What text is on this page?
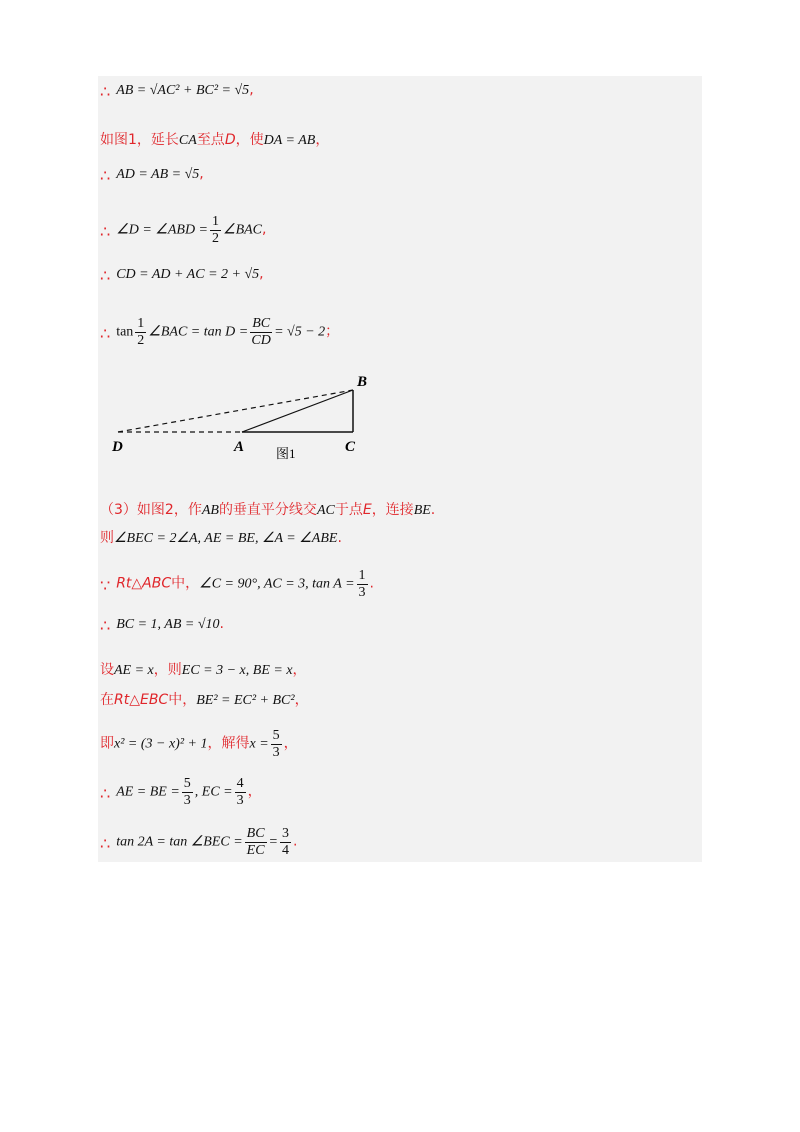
∴ AB = √AC² + BC² = √5,
如图1，延长CA至点D，使DA = AB，
∴ AD = AB = √5,
∴ ∠D = ∠ABD = $\frac{1}{2}$ ∠BAC,
∴ CD = AD + AC = 2 + √5,
∴ $\tan \frac{1}{2}$ ∠BAC = $\tan D = \frac{BC}{CD} = √5 - 2$；
B
D	A	C
图1
（3）如图2，作AB的垂直平分线交AC于点E，连接BE.
则∠BEC = 2∠A, AE = BE, ∠A = ∠ABE.
∵ Rt△ABC中，∠C = 90°, AC = 3, $\tan A = \frac{1}{3}$ .
∴ BC = 1, AB = √10.
设AE = x，则EC = 3 − x, BE = x，
在Rt△EBC中，BE² = EC² + BC²，
即x² = (3 − x)² + 1，解得$x = \frac{5}{3}$ ，
∴ AE = BE = $\frac{5}{3}$ , EC = $\frac{4}{3}$ ，
∴ tan 2A = tan ∠BEC = $\frac{BC}{EC} = \frac{3}{4}$ .
